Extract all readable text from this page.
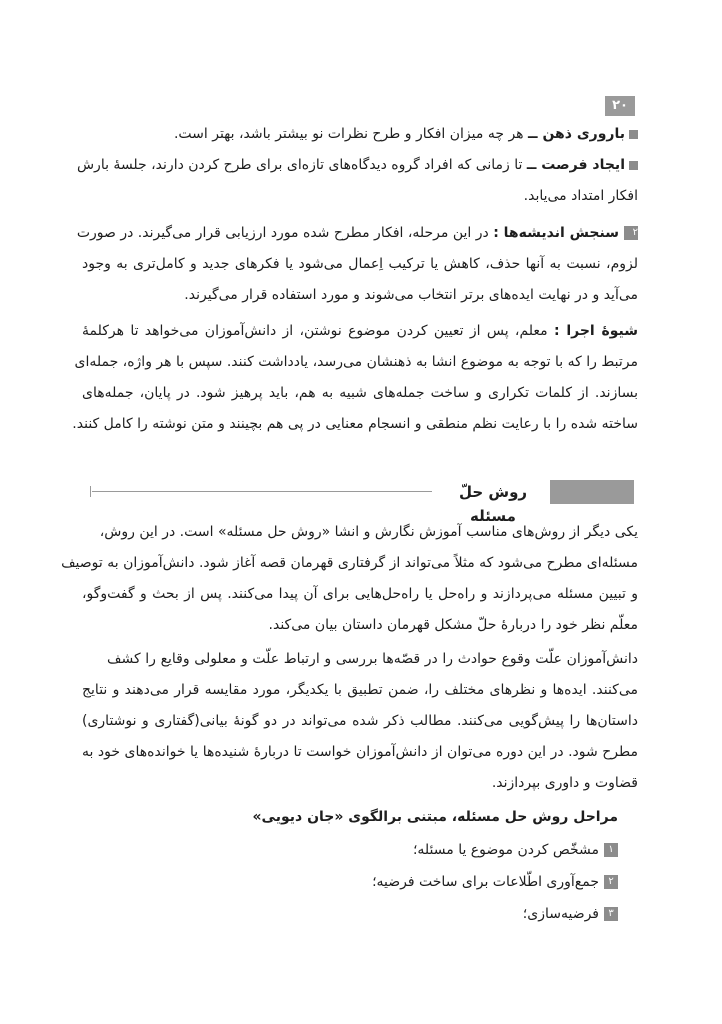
۲۰
باروری ذهن ــ هر چه میزان افکار و طرح نظرات نو بیشتر باشد، بهتر است.
ایجاد فرصت ــ تا زمانی که افراد گروه دیدگاه‌های تازه‌ای برای طرح کردن دارند، جلسهٔ بارش
افکار امتداد می‌یابد.
۲سنجش اندیشه‌ها : در این مرحله، افکار مطرح شده مورد ارزیابی قرار می‌گیرند. در صورت
لزوم، نسبت به آنها حذف، کاهش یا ترکیب اِعمال می‌شود یا فکرهای جدید و کامل‌تری به وجود
می‌آید و در نهایت ایده‌های برتر انتخاب می‌شوند و مورد استفاده قرار می‌گیرند.
شیوهٔ اجرا : معلم، پس از تعیین کردن موضوع نوشتن، از دانش‌آموزان می‌خواهد تا هرکلمهٔ
مرتبط را که با توجه به موضوع انشا به ذهنشان می‌رسد، یادداشت کنند. سپس با هر واژه، جمله‌ای
بسازند. از کلمات تکراری و ساخت جمله‌های شبیه به هم، باید پرهیز شود. در پایان، جمله‌های
ساخته شده را با رعایت نظم منطقی و انسجام معنایی در پی هم بچینند و متن نوشته را کامل کنند.
روش حلّ مسئله
یکی دیگر از روش‌های مناسب آموزش نگارش و انشا «روش حل مسئله» است. در این روش،
مسئله‌ای مطرح می‌شود که مثلاً می‌تواند از گرفتاری قهرمان قصه آغاز شود. دانش‌آموزان به توصیف
و تبیین مسئله می‌پردازند و راه‌حل یا راه‌حل‌هایی برای آن پیدا می‌کنند. پس از بحث و گفت‌وگو،
معلّم نظر خود را دربارهٔ حلّ مشکل قهرمان داستان بیان می‌کند.
دانش‌آموزان علّت وقوع حوادث را در قصّه‌ها بررسی و ارتباط علّت و معلولی وقایع را کشف
می‌کنند. ایده‌ها و نظرهای مختلف را، ضمن تطبیق با یکدیگر، مورد مقایسه قرار می‌دهند و نتایج
داستان‌ها را پیش‌گویی می‌کنند. مطالب ذکر شده می‌تواند در دو گونهٔ بیانی(گفتاری و نوشتاری)
مطرح شود. در این دوره می‌توان از دانش‌آموزان خواست تا دربارهٔ شنیده‌ها یا خوانده‌های خود به
قضاوت و داوری بپردازند.
مراحل روش حل مسئله، مبتنی برالگوی «جان دیویی»
۱مشخّص کردن موضوع یا مسئله؛
۲جمع‌آوری اطّلاعات برای ساخت فرضیه؛
۳فرضیه‌سازی؛
